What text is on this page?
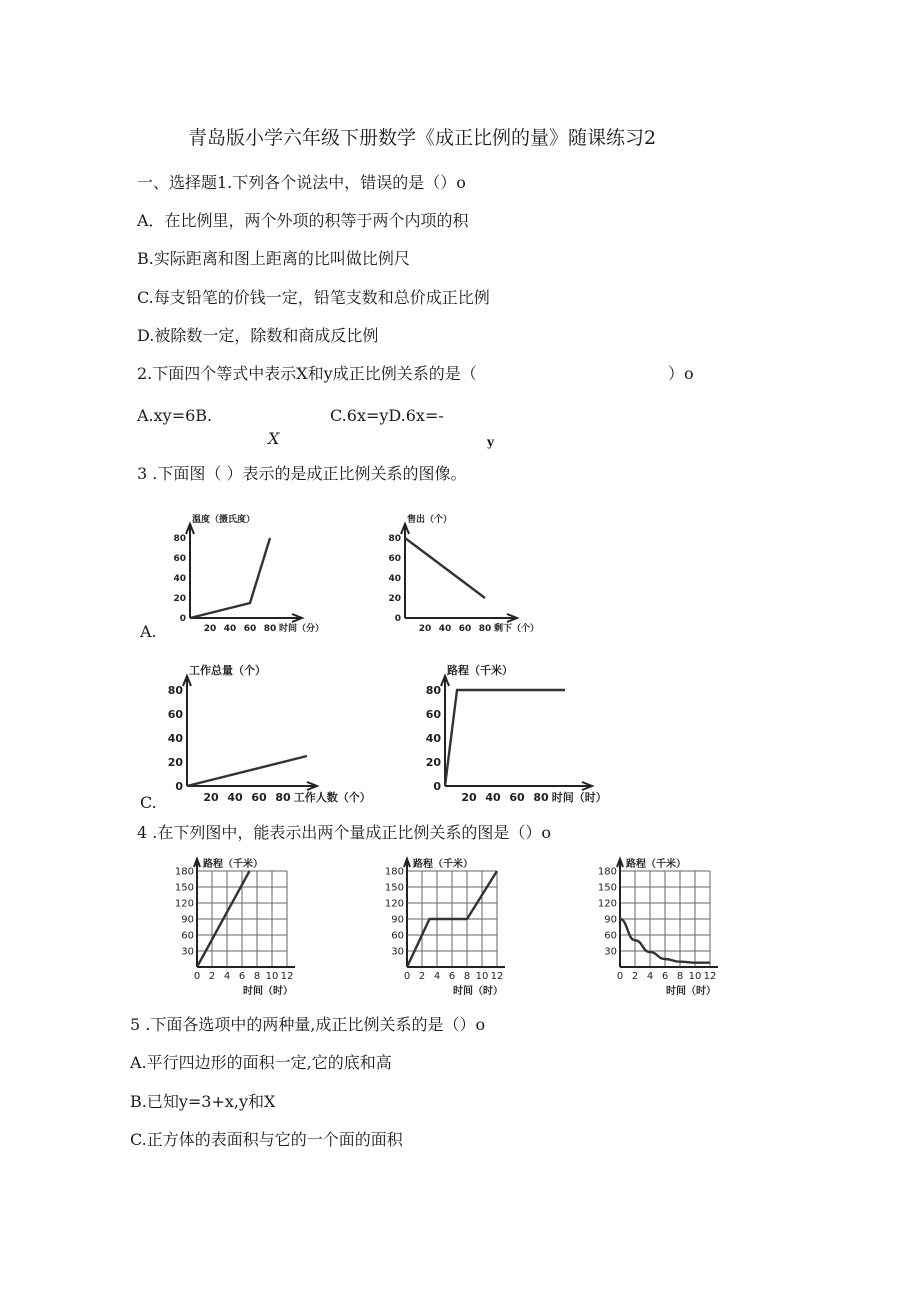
青岛版小学六年级下册数学《成正比例的量》随课练习2
一、选择题1.下列各个说法中，错误的是（）o
A．在比例里，两个外项的积等于两个内项的积
B.实际距离和图上距离的比叫做比例尺
C.每支铅笔的价钱一定，铅笔支数和总价成正比例
D.被除数一定，除数和商成反比例
2.下面四个等式中表示X和y成正比例关系的是（	）o
A.xy=6B.	C.6x=yD.6x=-
X	y
3 .下面图（ ）表示的是成正比例关系的图像。
A.
C.
80
60
40
20
0
20 40 60 80
温度（摄氏度）
时间（分）
80
60
40
20
0
20 40 60 80
售出（个）
剩下（个）
80
60
40
20
0
20 40 60 80
工作总量（个）
工作人数（个）
80
60
40
20
0
20 40 60 80
路程（千米）
时间（时）
4 .在下列图中，能表示出两个量成正比例关系的图是（）o
180
150
120
90
60
30
0 2 4 6 8 10 12
路程（千米）
时间（时）
180
150
120
90
60
30
0 2 4 6 8 10 12
路程（千米）
时间（时）
180
150
120
90
60
30
0 2 4 6 8 10 12
路程（千米）
时间（时）
5 .下面各选项中的两种量,成正比例关系的是（）o
A.平行四边形的面积一定,它的底和高
B.已知y=3+x,y和X
C.正方体的表面积与它的一个面的面积
